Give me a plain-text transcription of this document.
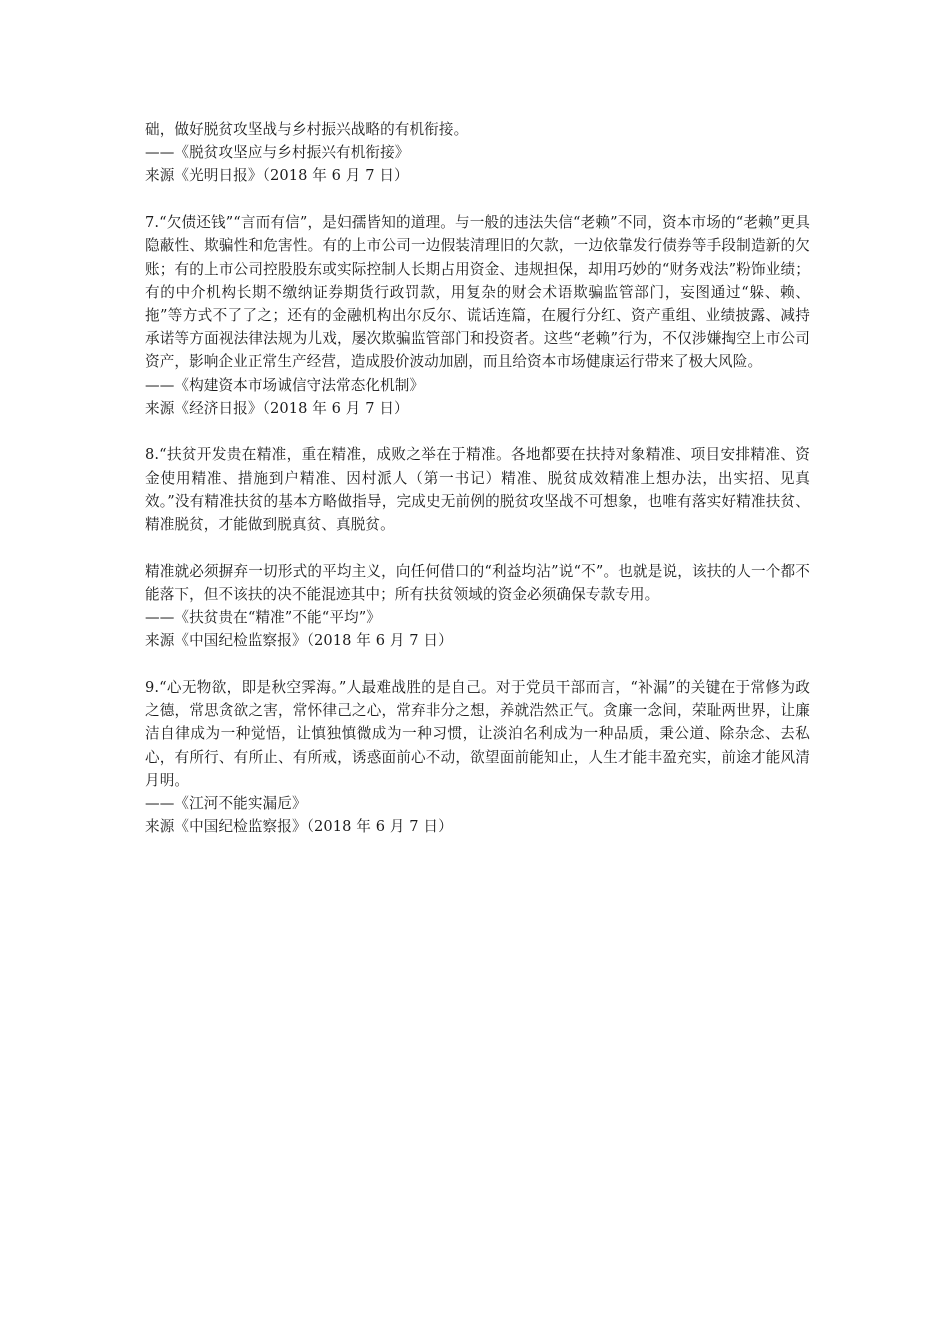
础，做好脱贫攻坚战与乡村振兴战略的有机衔接。

——《脱贫攻坚应与乡村振兴有机衔接》

来源《光明日报》（2018 年 6 月 7 日）

7.“欠债还钱”“言而有信”，是妇孺皆知的道理。与一般的违法失信“老赖”不同，资本市场的“老赖”更具隐蔽性、欺骗性和危害性。有的上市公司一边假装清理旧的欠款，一边依靠发行债券等手段制造新的欠账；有的上市公司控股股东或实际控制人长期占用资金、违规担保，却用巧妙的“财务戏法”粉饰业绩；有的中介机构长期不缴纳证券期货行政罚款，用复杂的财会术语欺骗监管部门，妄图通过“躲、赖、拖”等方式不了了之；还有的金融机构出尔反尔、谎话连篇，在履行分红、资产重组、业绩披露、减持承诺等方面视法律法规为儿戏，屡次欺骗监管部门和投资者。这些“老赖”行为，不仅涉嫌掏空上市公司资产，影响企业正常生产经营，造成股价波动加剧，而且给资本市场健康运行带来了极大风险。

——《构建资本市场诚信守法常态化机制》

来源《经济日报》（2018 年 6 月 7 日）

8.“扶贫开发贵在精准，重在精准，成败之举在于精准。各地都要在扶持对象精准、项目安排精准、资金使用精准、措施到户精准、因村派人（第一书记）精准、脱贫成效精准上想办法，出实招、见真效。”没有精准扶贫的基本方略做指导，完成史无前例的脱贫攻坚战不可想象，也唯有落实好精准扶贫、精准脱贫，才能做到脱真贫、真脱贫。

精准就必须摒弃一切形式的平均主义，向任何借口的“利益均沾”说“不”。也就是说，该扶的人一个都不能落下，但不该扶的决不能混迹其中；所有扶贫领域的资金必须确保专款专用。

——《扶贫贵在“精准”不能“平均”》

来源《中国纪检监察报》（2018 年 6 月 7 日）

9.“心无物欲，即是秋空霁海。”人最难战胜的是自己。对于党员干部而言，“补漏”的关键在于常修为政之德，常思贪欲之害，常怀律己之心，常弃非分之想，养就浩然正气。贪廉一念间，荣耻两世界，让廉洁自律成为一种觉悟，让慎独慎微成为一种习惯，让淡泊名利成为一种品质，秉公道、除杂念、去私心，有所行、有所止、有所戒，诱惑面前心不动，欲望面前能知止，人生才能丰盈充实，前途才能风清月明。

——《江河不能实漏卮》

来源《中国纪检监察报》（2018 年 6 月 7 日）
